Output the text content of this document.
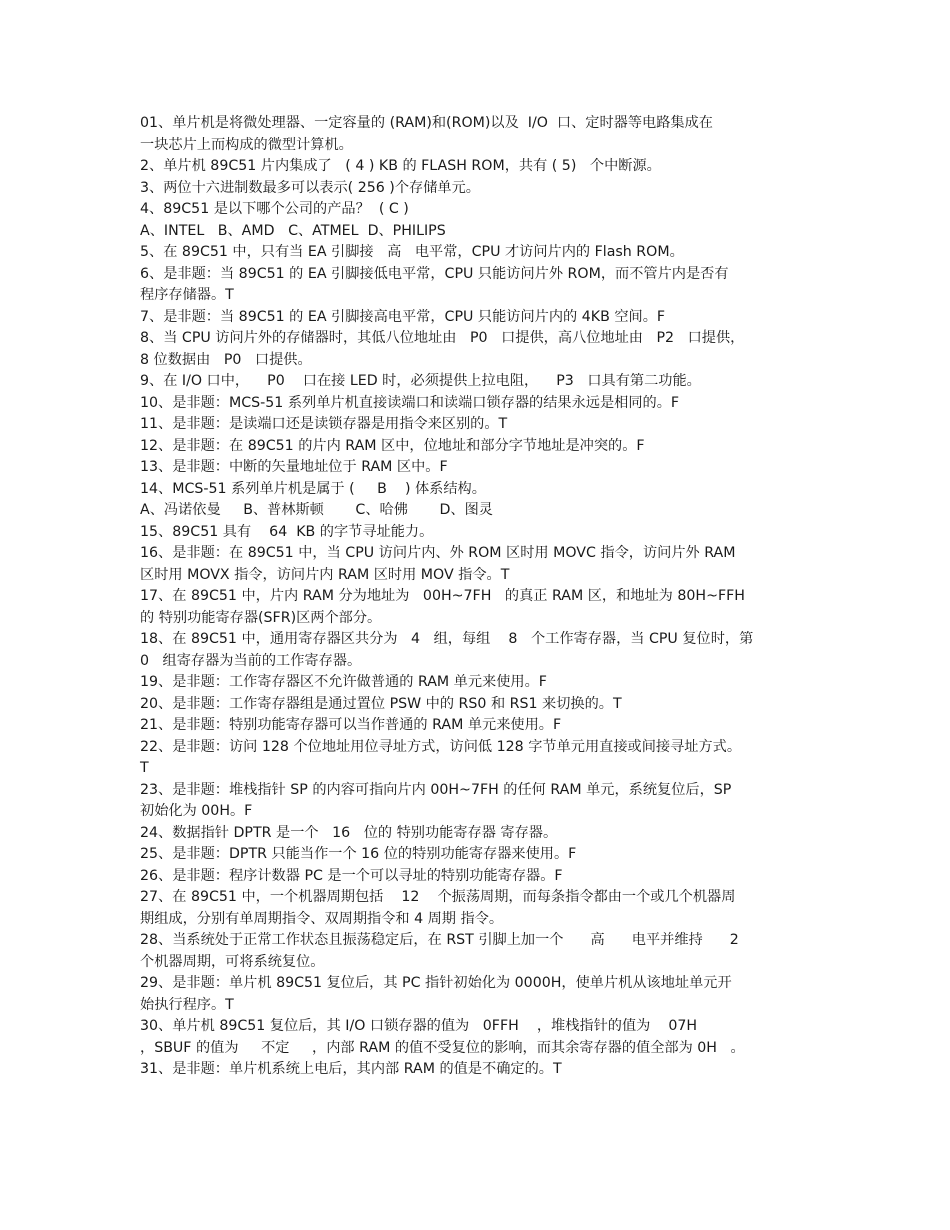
01、单片机是将微处理器、一定容量的 (RAM)和(ROM)以及  I/O  口、定时器等电路集成在
一块芯片上而构成的微型计算机。
2、单片机 89C51 片内集成了   ( 4 ) KB 的 FLASH ROM，共有 ( 5)   个中断源。
3、两位十六进制数最多可以表示( 256 )个存储单元。
4、89C51 是以下哪个公司的产品？  ( C )
A、INTEL   B、AMD   C、ATMEL  D、PHILIPS
5、在 89C51 中，只有当 EA 引脚接   高   电平常，CPU 才访问片内的 Flash ROM。
6、是非题：当 89C51 的 EA 引脚接低电平常，CPU 只能访问片外 ROM，而不管片内是否有
程序存储器。T
7、是非题：当 89C51 的 EA 引脚接高电平常，CPU 只能访问片内的 4KB 空间。F
8、当 CPU 访问片外的存储器时，其低八位地址由   P0   口提供，高八位地址由   P2   口提供，
8 位数据由   P0   口提供。
9、在 I/O 口中，    P0    口在接 LED 时，必须提供上拉电阻，    P3   口具有第二功能。
10、是非题：MCS-51 系列单片机直接读端口和读端口锁存器的结果永远是相同的。F
11、是非题：是读端口还是读锁存器是用指令来区别的。T
12、是非题：在 89C51 的片内 RAM 区中，位地址和部分字节地址是冲突的。F
13、是非题：中断的矢量地址位于 RAM 区中。F
14、MCS-51 系列单片机是属于 (     B    ) 体系结构。
A、冯诺依曼     B、普林斯顿       C、哈佛       D、图灵
15、89C51 具有    64  KB 的字节寻址能力。
16、是非题：在 89C51 中，当 CPU 访问片内、外 ROM 区时用 MOVC 指令，访问片外 RAM
区时用 MOVX 指令，访问片内 RAM 区时用 MOV 指令。T
17、在 89C51 中，片内 RAM 分为地址为   00H~7FH   的真正 RAM 区，和地址为 80H~FFH
的 特别功能寄存器(SFR)区两个部分。
18、在 89C51 中，通用寄存器区共分为   4   组，每组    8   个工作寄存器，当 CPU 复位时，第
0   组寄存器为当前的工作寄存器。
19、是非题：工作寄存器区不允许做普通的 RAM 单元来使用。F
20、是非题：工作寄存器组是通过置位 PSW 中的 RS0 和 RS1 来切换的。T
21、是非题：特别功能寄存器可以当作普通的 RAM 单元来使用。F
22、是非题：访问 128 个位地址用位寻址方式，访问低 128 字节单元用直接或间接寻址方式。
T
23、是非题：堆栈指针 SP 的内容可指向片内 00H~7FH 的任何 RAM 单元，系统复位后，SP
初始化为 00H。F
24、数据指针 DPTR 是一个   16   位的 特别功能寄存器 寄存器。
25、是非题：DPTR 只能当作一个 16 位的特别功能寄存器来使用。F
26、是非题：程序计数器 PC 是一个可以寻址的特别功能寄存器。F
27、在 89C51 中，一个机器周期包括    12    个振荡周期，而每条指令都由一个或几个机器周
期组成，分别有单周期指令、双周期指令和 4 周期 指令。
28、当系统处于正常工作状态且振荡稳定后，在 RST 引脚上加一个      高      电平并维持      2
个机器周期，可将系统复位。
29、是非题：单片机 89C51 复位后，其 PC 指针初始化为 0000H，使单片机从该地址单元开
始执行程序。T
30、单片机 89C51 复位后，其 I/O 口锁存器的值为   0FFH    ，堆栈指针的值为    07H
，SBUF 的值为     不定     ，内部 RAM 的值不受复位的影响，而其余寄存器的值全部为 0H   。
31、是非题：单片机系统上电后，其内部 RAM 的值是不确定的。T
